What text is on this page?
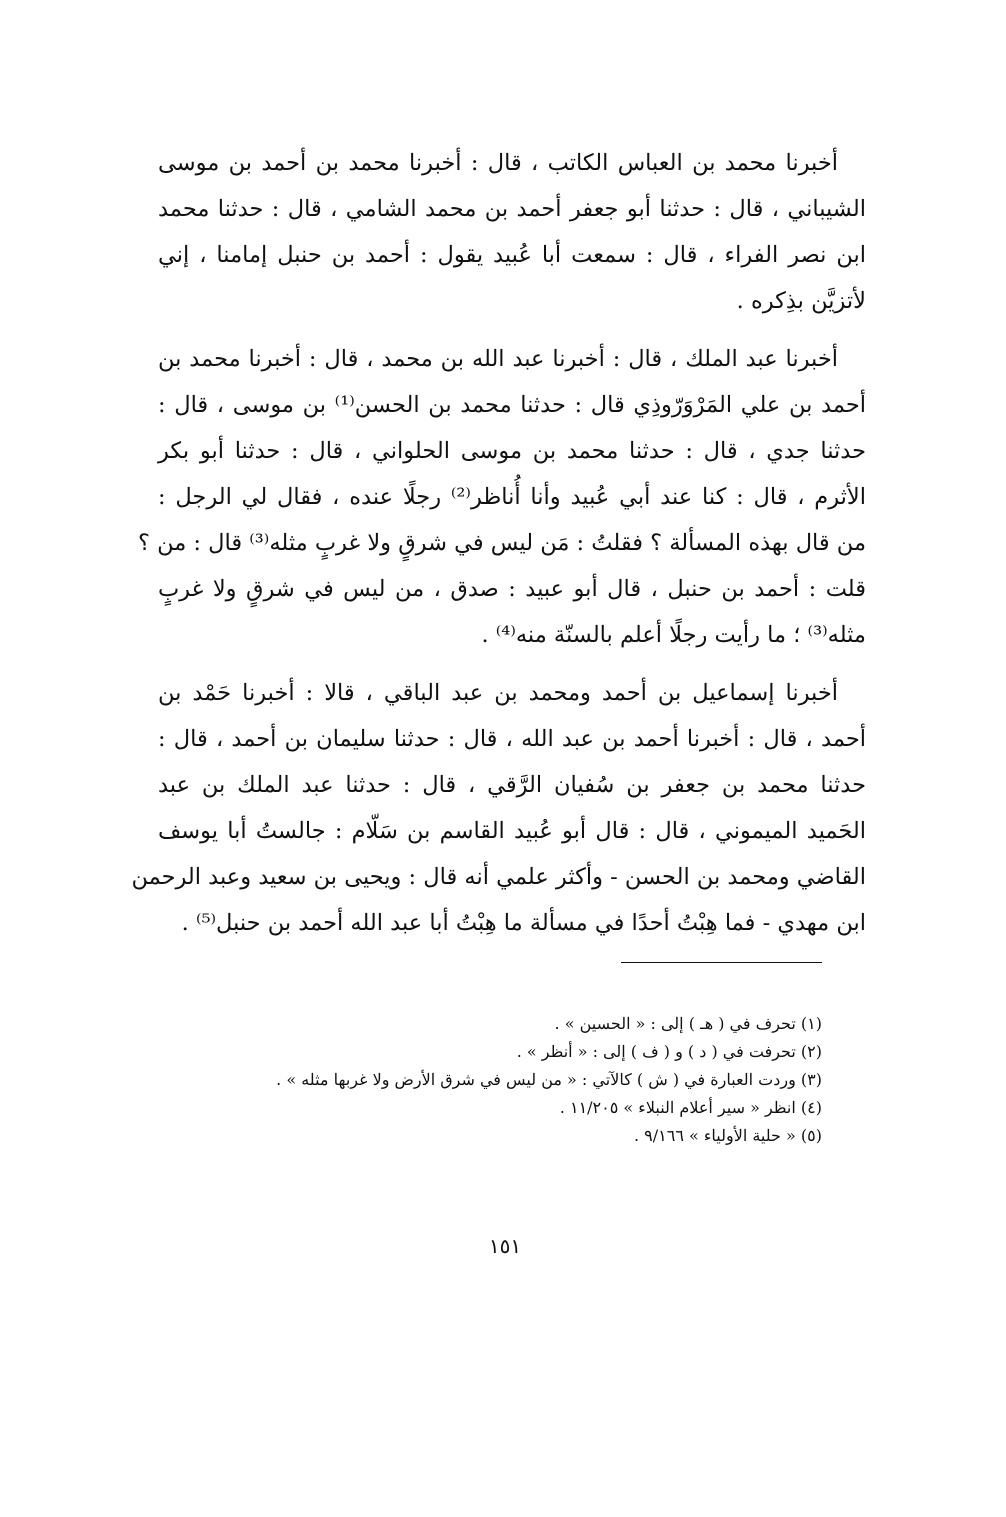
أخبرنا محمد بن العباس الكاتب ، قال : أخبرنا محمد بن أحمد بن موسى
الشيباني ، قال : حدثنا أبو جعفر أحمد بن محمد الشامي ، قال : حدثنا محمد
ابن نصر الفراء ، قال : سمعت أبا عُبيد يقول : أحمد بن حنبل إمامنا ، إني
لأتزيَّن بذِكره .
أخبرنا عبد الملك ، قال : أخبرنا عبد الله بن محمد ، قال : أخبرنا محمد بن
أحمد بن علي المَرْوَرّوذِي قال : حدثنا محمد بن الحسن⁽¹⁾ بن موسى ، قال :
حدثنا جدي ، قال : حدثنا محمد بن موسى الحلواني ، قال : حدثنا أبو بكر
الأثرم ، قال : كنا عند أبي عُبيد وأنا أُناظر⁽²⁾ رجلًا عنده ، فقال لي الرجل :
من قال بهذه المسألة ؟ فقلتُ : مَن ليس في شرقٍ ولا غربٍ مثله⁽³⁾ قال : من ؟
قلت : أحمد بن حنبل ، قال أبو عبيد : صدق ، من ليس في شرقٍ ولا غربٍ
مثله⁽³⁾ ؛ ما رأيت رجلًا أعلم بالسنّة منه⁽⁴⁾ .
أخبرنا إسماعيل بن أحمد ومحمد بن عبد الباقي ، قالا : أخبرنا حَمْد بن
أحمد ، قال : أخبرنا أحمد بن عبد الله ، قال : حدثنا سليمان بن أحمد ، قال :
حدثنا محمد بن جعفر بن سُفيان الرَّقي ، قال : حدثنا عبد الملك بن عبد
الحَميد الميموني ، قال : قال أبو عُبيد القاسم بن سَلّام : جالستُ أبا يوسف
القاضي ومحمد بن الحسن - وأكثر علمي أنه قال : ويحيى بن سعيد وعبد الرحمن
ابن مهدي - فما هِبْتُ أحدًا في مسألة ما هِبْتُ أبا عبد الله أحمد بن حنبل⁽⁵⁾ .
(١) تحرف في ( هـ ) إلى : « الحسين » .
(٢) تحرفت في ( د ) و ( ف ) إلى : « أنظر » .
(٣) وردت العبارة في ( ش ) كالآتي : « من ليس في شرق الأرض ولا غربها مثله » .
(٤) انظر « سير أعلام النبلاء » ١١/٢٠٥ .
(٥) « حلية الأولياء » ٩/١٦٦ .
١٥١
